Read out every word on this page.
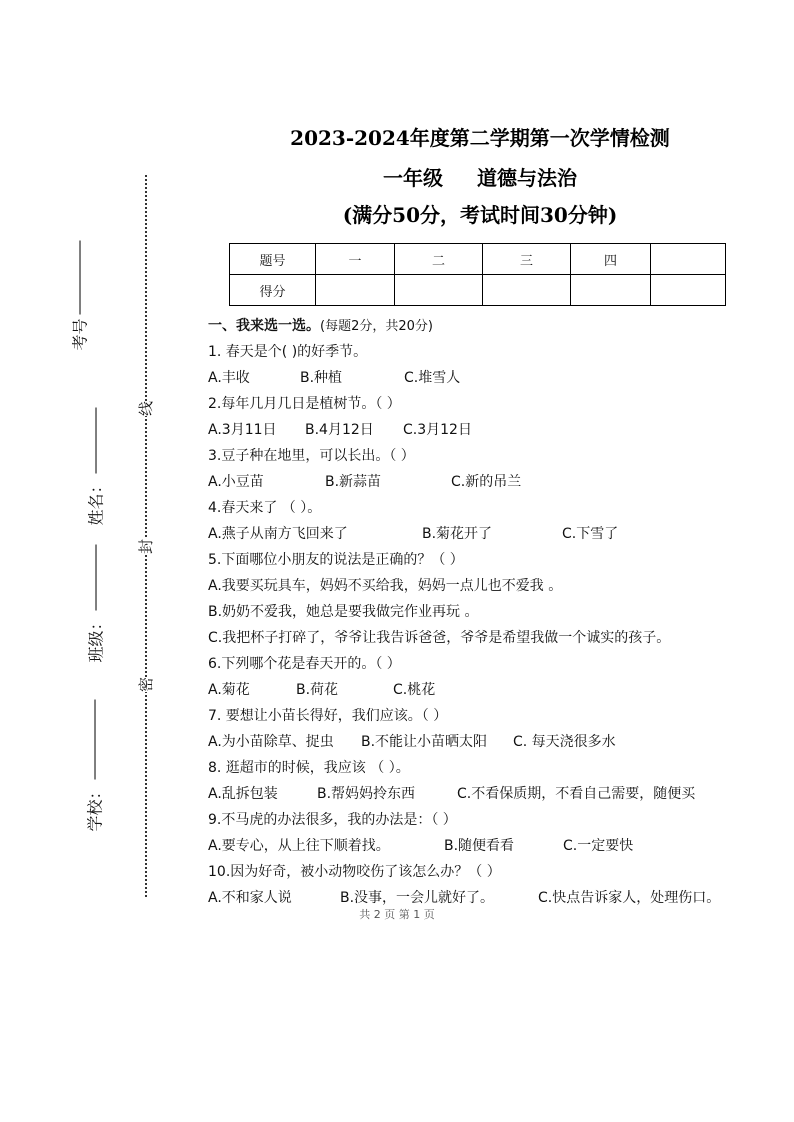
线
封
密
考号
姓名：
班级：
学校：
2023-2024年度第二学期第一次学情检测
一年级 道德与法治
(满分50分，考试时间30分钟)
题号	一	二	三	四	
得分					
一、我来选一选。(每题2分，共20分)
1. 春天是个( )的好季节。
A.丰收	B.种植	C.堆雪人
2.每年几月几日是植树节。（ ）
A.3月11日 B.4月12日 C.3月12日
3.豆子种在地里，可以长出。（ ）
A.小豆苗	B.新蒜苗	C.新的吊兰
4.春天来了 （ ）。
A.燕子从南方飞回来了	B.菊花开了	C.下雪了
5.下面哪位小朋友的说法是正确的？（ ）
A.我要买玩具车，妈妈不买给我，妈妈一点儿也不爱我 。
B.奶奶不爱我，她总是要我做完作业再玩 。
C.我把杯子打碎了，爷爷让我告诉爸爸，爷爷是希望我做一个诚实的孩子。
6.下列哪个花是春天开的。（ ）
A.菊花	B.荷花	C.桃花
7. 要想让小苗长得好，我们应该。（ ）
A.为小苗除草、捉虫 B.不能让小苗晒太阳 C. 每天浇很多水
8. 逛超市的时候，我应该 （ ）。
A.乱拆包装	B.帮妈妈拎东西	C.不看保质期，不看自己需要，随便买
9.不马虎的办法很多，我的办法是：（ ）
A.要专心，从上往下顺着找。	B.随便看看	C.一定要快
10.因为好奇，被小动物咬伤了该怎么办？（ ）
A.不和家人说	B.没事，一会儿就好了。	C.快点告诉家人，处理伤口。
共 2 页 第 1 页
